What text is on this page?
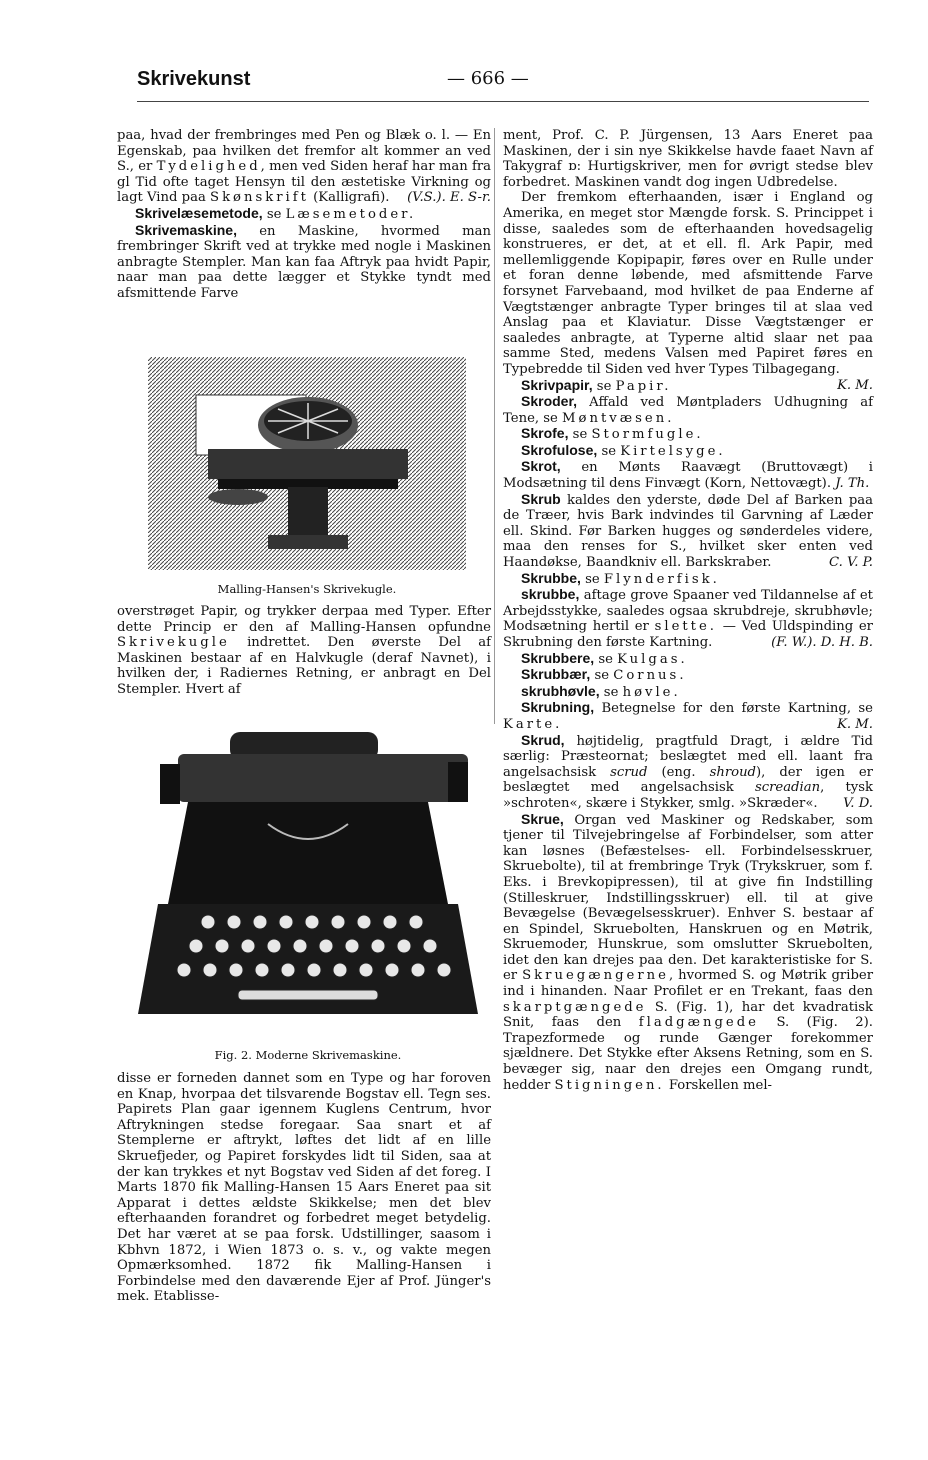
Skrivekunst	— 666 —

paa, hvad der frembringes med Pen og Blæk o. l. — En Egenskab, paa hvilken det fremfor alt kommer an ved S., er Tydelighed, men ved Siden heraf har man fra gl Tid ofte taget Hensyn til den æstetiske Virkning og lagt Vind paa Skønskrift (Kalligrafi). (V.S.). E. S-r.

Skrivelæsemetode, se Læsemetoder.

Skrivemaskine, en Maskine, hvormed man frembringer Skrift ved at trykke med nogle i Maskinen anbragte Stempler. Man kan faa Aftryk paa hvidt Papir, naar man paa dette lægger et Stykke tyndt med afsmittende Farve

Malling-Hansen's Skrivekugle.

overstrøget Papir, og trykker derpaa med Typer. Efter dette Princip er den af Malling-Hansen opfundne Skrivekugle indrettet. Den øverste Del af Maskinen bestaar af en Halvkugle (deraf Navnet), i hvilken der, i Radiernes Retning, er anbragt en Del Stempler. Hvert af

Fig. 2. Moderne Skrivemaskine.

disse er forneden dannet som en Type og har foroven en Knap, hvorpaa det tilsvarende Bogstav ell. Tegn ses. Papirets Plan gaar igennem Kuglens Centrum, hvor Aftrykningen stedse foregaar. Saa snart et af Stemplerne er aftrykt, løftes det lidt af en lille Skruefjeder, og Papiret forskydes lidt til Siden, saa at der kan trykkes et nyt Bogstav ved Siden af det foreg. I Marts 1870 fik Malling-Hansen 15 Aars Eneret paa sit Apparat i dettes ældste Skikkelse; men det blev efterhaanden forandret og forbedret meget betydelig. Det har været at se paa forsk. Udstillinger, saasom i Kbhvn 1872, i Wien 1873 o. s. v., og vakte megen Opmærksomhed. 1872 fik Malling-Hansen i Forbindelse med den daværende Ejer af Prof. Jünger's mek. Etablisse-

ment, Prof. C. P. Jürgensen, 13 Aars Eneret paa Maskinen, der i sin nye Skikkelse havde faaet Navn af Takygraf ɒ: Hurtigskriver, men for øvrigt stedse blev forbedret. Maskinen vandt dog ingen Udbredelse.

Der fremkom efterhaanden, især i England og Amerika, en meget stor Mængde forsk. S. Princippet i disse, saaledes som de efterhaanden hovedsagelig konstrueres, er det, at et ell. fl. Ark Papir, med mellemliggende Kopipapir, føres over en Rulle under et foran denne løbende, med afsmittende Farve forsynet Farvebaand, mod hvilket de paa Enderne af Vægtstænger anbragte Typer bringes til at slaa ved Anslag paa et Klaviatur. Disse Vægtstænger er saaledes anbragte, at Typerne altid slaar net paa samme Sted, medens Valsen med Papiret føres en Typebredde til Siden ved hver Types Tilbagegang.
K. M.

Skrivpapir, se Papir.

Skroder, Affald ved Møntpladers Udhugning af Tene, se Møntvæsen.

Skrofe, se Stormfugle.

Skrofulose, se Kirtelsyge.

Skrot, en Mønts Raavægt (Bruttovægt) i Modsætning til dens Finvægt (Korn, Nettovægt). J. Th.

Skrub kaldes den yderste, døde Del af Barken paa de Træer, hvis Bark indvindes til Garvning af Læder ell. Skind. Før Barken hugges og sønderdeles videre, maa den renses for S., hvilket sker enten ved Haandøkse, Baandkniv ell. Barkskraber.	C. V. P.

Skrubbe, se Flynderfisk.

skrubbe, aftage grove Spaaner ved Tildannelse af et Arbejdsstykke, saaledes ogsaa skrubdreje, skrubhøvle; Modsætning hertil er slette. — Ved Uldspinding er Skrubning den første Kartning.	(F. W.). D. H. B.

Skrubbere, se Kulgas.

Skrubbær, se Cornus.

skrubhøvle, se høvle.

Skrubning, Betegnelse for den første Kartning, se Karte.	K. M.

Skrud, højtidelig, pragtfuld Dragt, i ældre Tid særlig: Præsteornat; beslægtet med ell. laant fra angelsachsisk scrud (eng. shroud), der igen er beslægtet med angelsachsisk screadian, tysk »schroten«, skære i Stykker, smlg. »Skræder«.	V. D.

Skrue, Organ ved Maskiner og Redskaber, som tjener til Tilvejebringelse af Forbindelser, som atter kan løsnes (Befæstelses- ell. Forbindelsesskruer, Skruebolte), til at frembringe Tryk (Trykskruer, som f. Eks. i Brevkopipressen), til at give fin Indstilling (Stilleskruer, Indstillingsskruer) ell. til at give Bevægelse (Bevægelsesskruer). Enhver S. bestaar af en Spindel, Skruebolten, Hanskruen og en Møtrik, Skruemoder, Hunskrue, som omslutter Skruebolten, idet den kan drejes paa den. Det karakteristiske for S. er Skruegængerne, hvormed S. og Møtrik griber ind i hinanden. Naar Profilet er en Trekant, faas den skarptgængede S. (Fig. 1), har det kvadratisk Snit, faas den fladgængede S. (Fig. 2). Trapezformede og runde Gænger forekommer sjældnere. Det Stykke efter Aksens Retning, som en S. bevæger sig, naar den drejes een Omgang rundt, hedder Stigningen. Forskellen mel-
